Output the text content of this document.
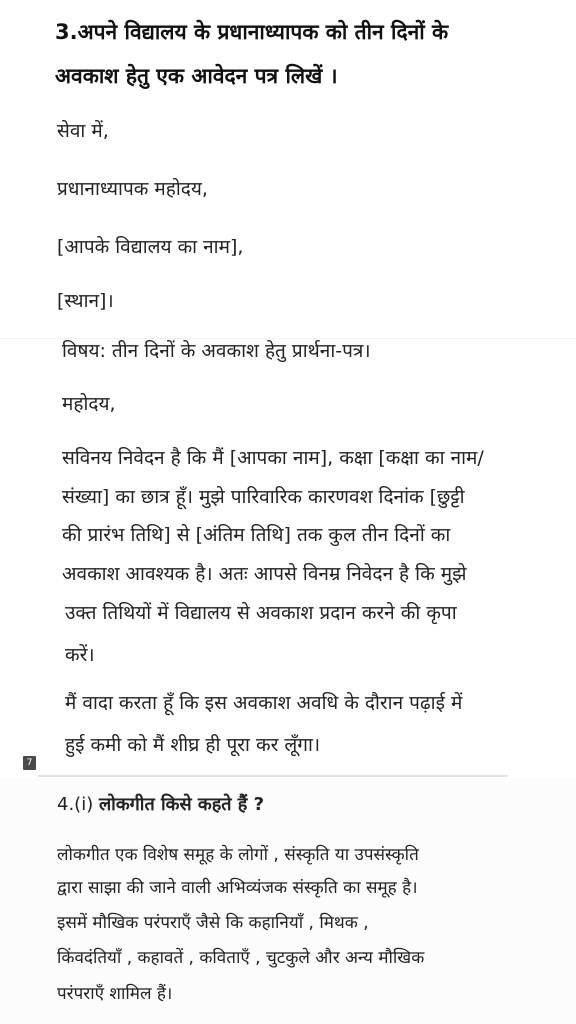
3.अपने विद्यालय के प्रधानाध्यापक को तीन दिनों के
अवकाश हेतु एक आवेदन पत्र लिखें ।
सेवा में,
प्रधानाध्यापक महोदय,
[आपके विद्यालय का नाम],
[स्थान]।
विषय: तीन दिनों के अवकाश हेतु प्रार्थना-पत्र।
महोदय,
सविनय निवेदन है कि मैं [आपका नाम], कक्षा [कक्षा का नाम/
संख्या] का छात्र हूँ। मुझे पारिवारिक कारणवश दिनांक [छुट्टी
की प्रारंभ तिथि] से [अंतिम तिथि] तक कुल तीन दिनों का
अवकाश आवश्यक है। अतः आपसे विनम्र निवेदन है कि मुझे
उक्त तिथियों में विद्यालय से अवकाश प्रदान करने की कृपा
करें।
मैं वादा करता हूँ कि इस अवकाश अवधि के दौरान पढ़ाई में
हुई कमी को मैं शीघ्र ही पूरा कर लूँगा।
7
4.(i) लोकगीत किसे कहते हैं ?
लोकगीत एक विशेष समूह के लोगों , संस्कृति या उपसंस्कृति
द्वारा साझा की जाने वाली अभिव्यंजक संस्कृति का समूह है।
इसमें मौखिक परंपराएँ जैसे कि कहानियाँ , मिथक ,
किंवदंतियाँ , कहावतें , कविताएँ , चुटकुले और अन्य मौखिक
परंपराएँ शामिल हैं।
